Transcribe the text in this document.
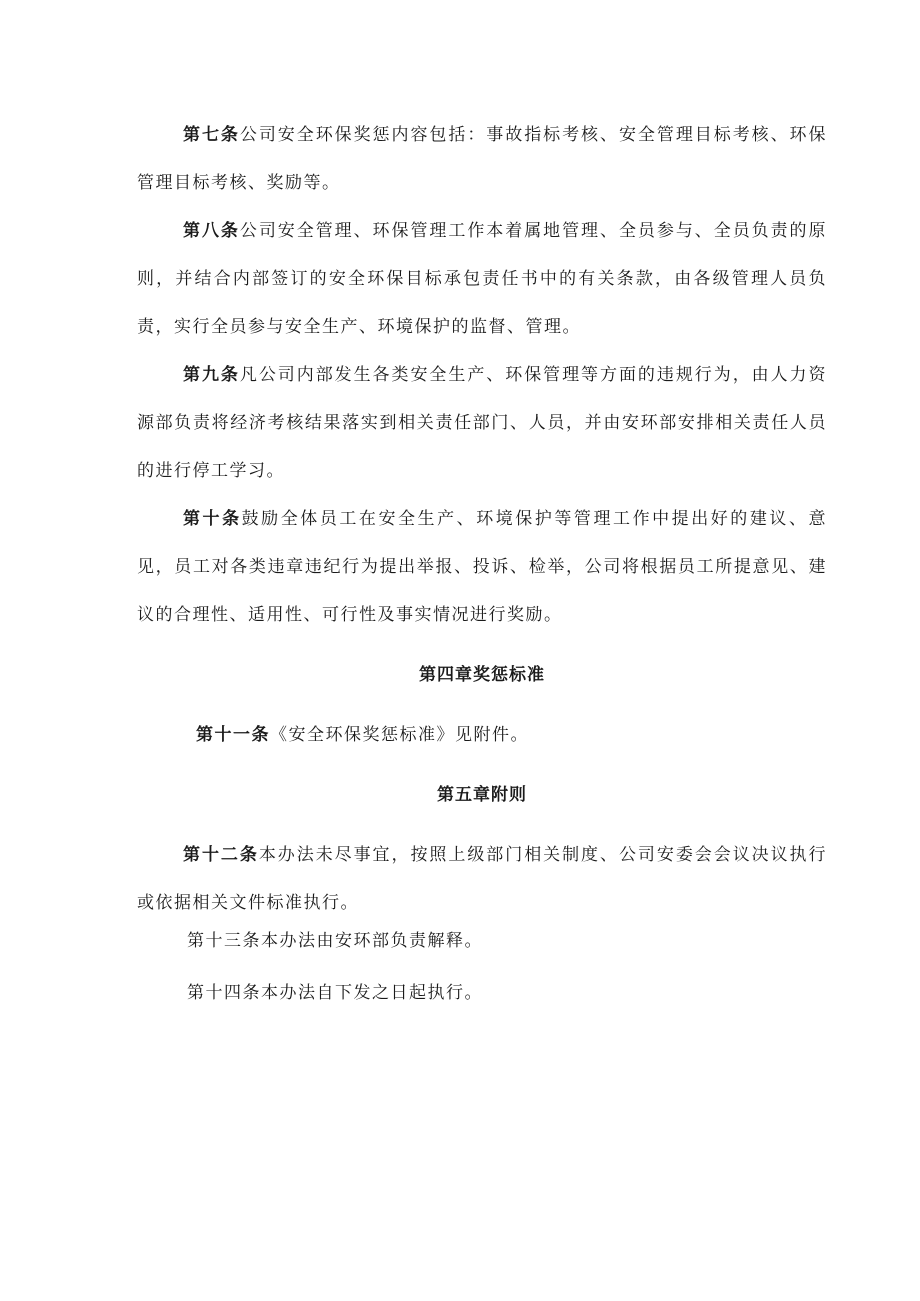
第七条公司安全环保奖惩内容包括：事故指标考核、安全管理目标考核、环保管理目标考核、奖励等。

第八条公司安全管理、环保管理工作本着属地管理、全员参与、全员负责的原则，并结合内部签订的安全环保目标承包责任书中的有关条款，由各级管理人员负责，实行全员参与安全生产、环境保护的监督、管理。

第九条凡公司内部发生各类安全生产、环保管理等方面的违规行为，由人力资源部负责将经济考核结果落实到相关责任部门、人员，并由安环部安排相关责任人员的进行停工学习。

第十条鼓励全体员工在安全生产、环境保护等管理工作中提出好的建议、意见，员工对各类违章违纪行为提出举报、投诉、检举，公司将根据员工所提意见、建议的合理性、适用性、可行性及事实情况进行奖励。

第四章奖惩标准

第十一条《安全环保奖惩标准》见附件。

第五章附则

第十二条本办法未尽事宜，按照上级部门相关制度、公司安委会会议决议执行或依据相关文件标准执行。

第十三条本办法由安环部负责解释。

第十四条本办法自下发之日起执行。
